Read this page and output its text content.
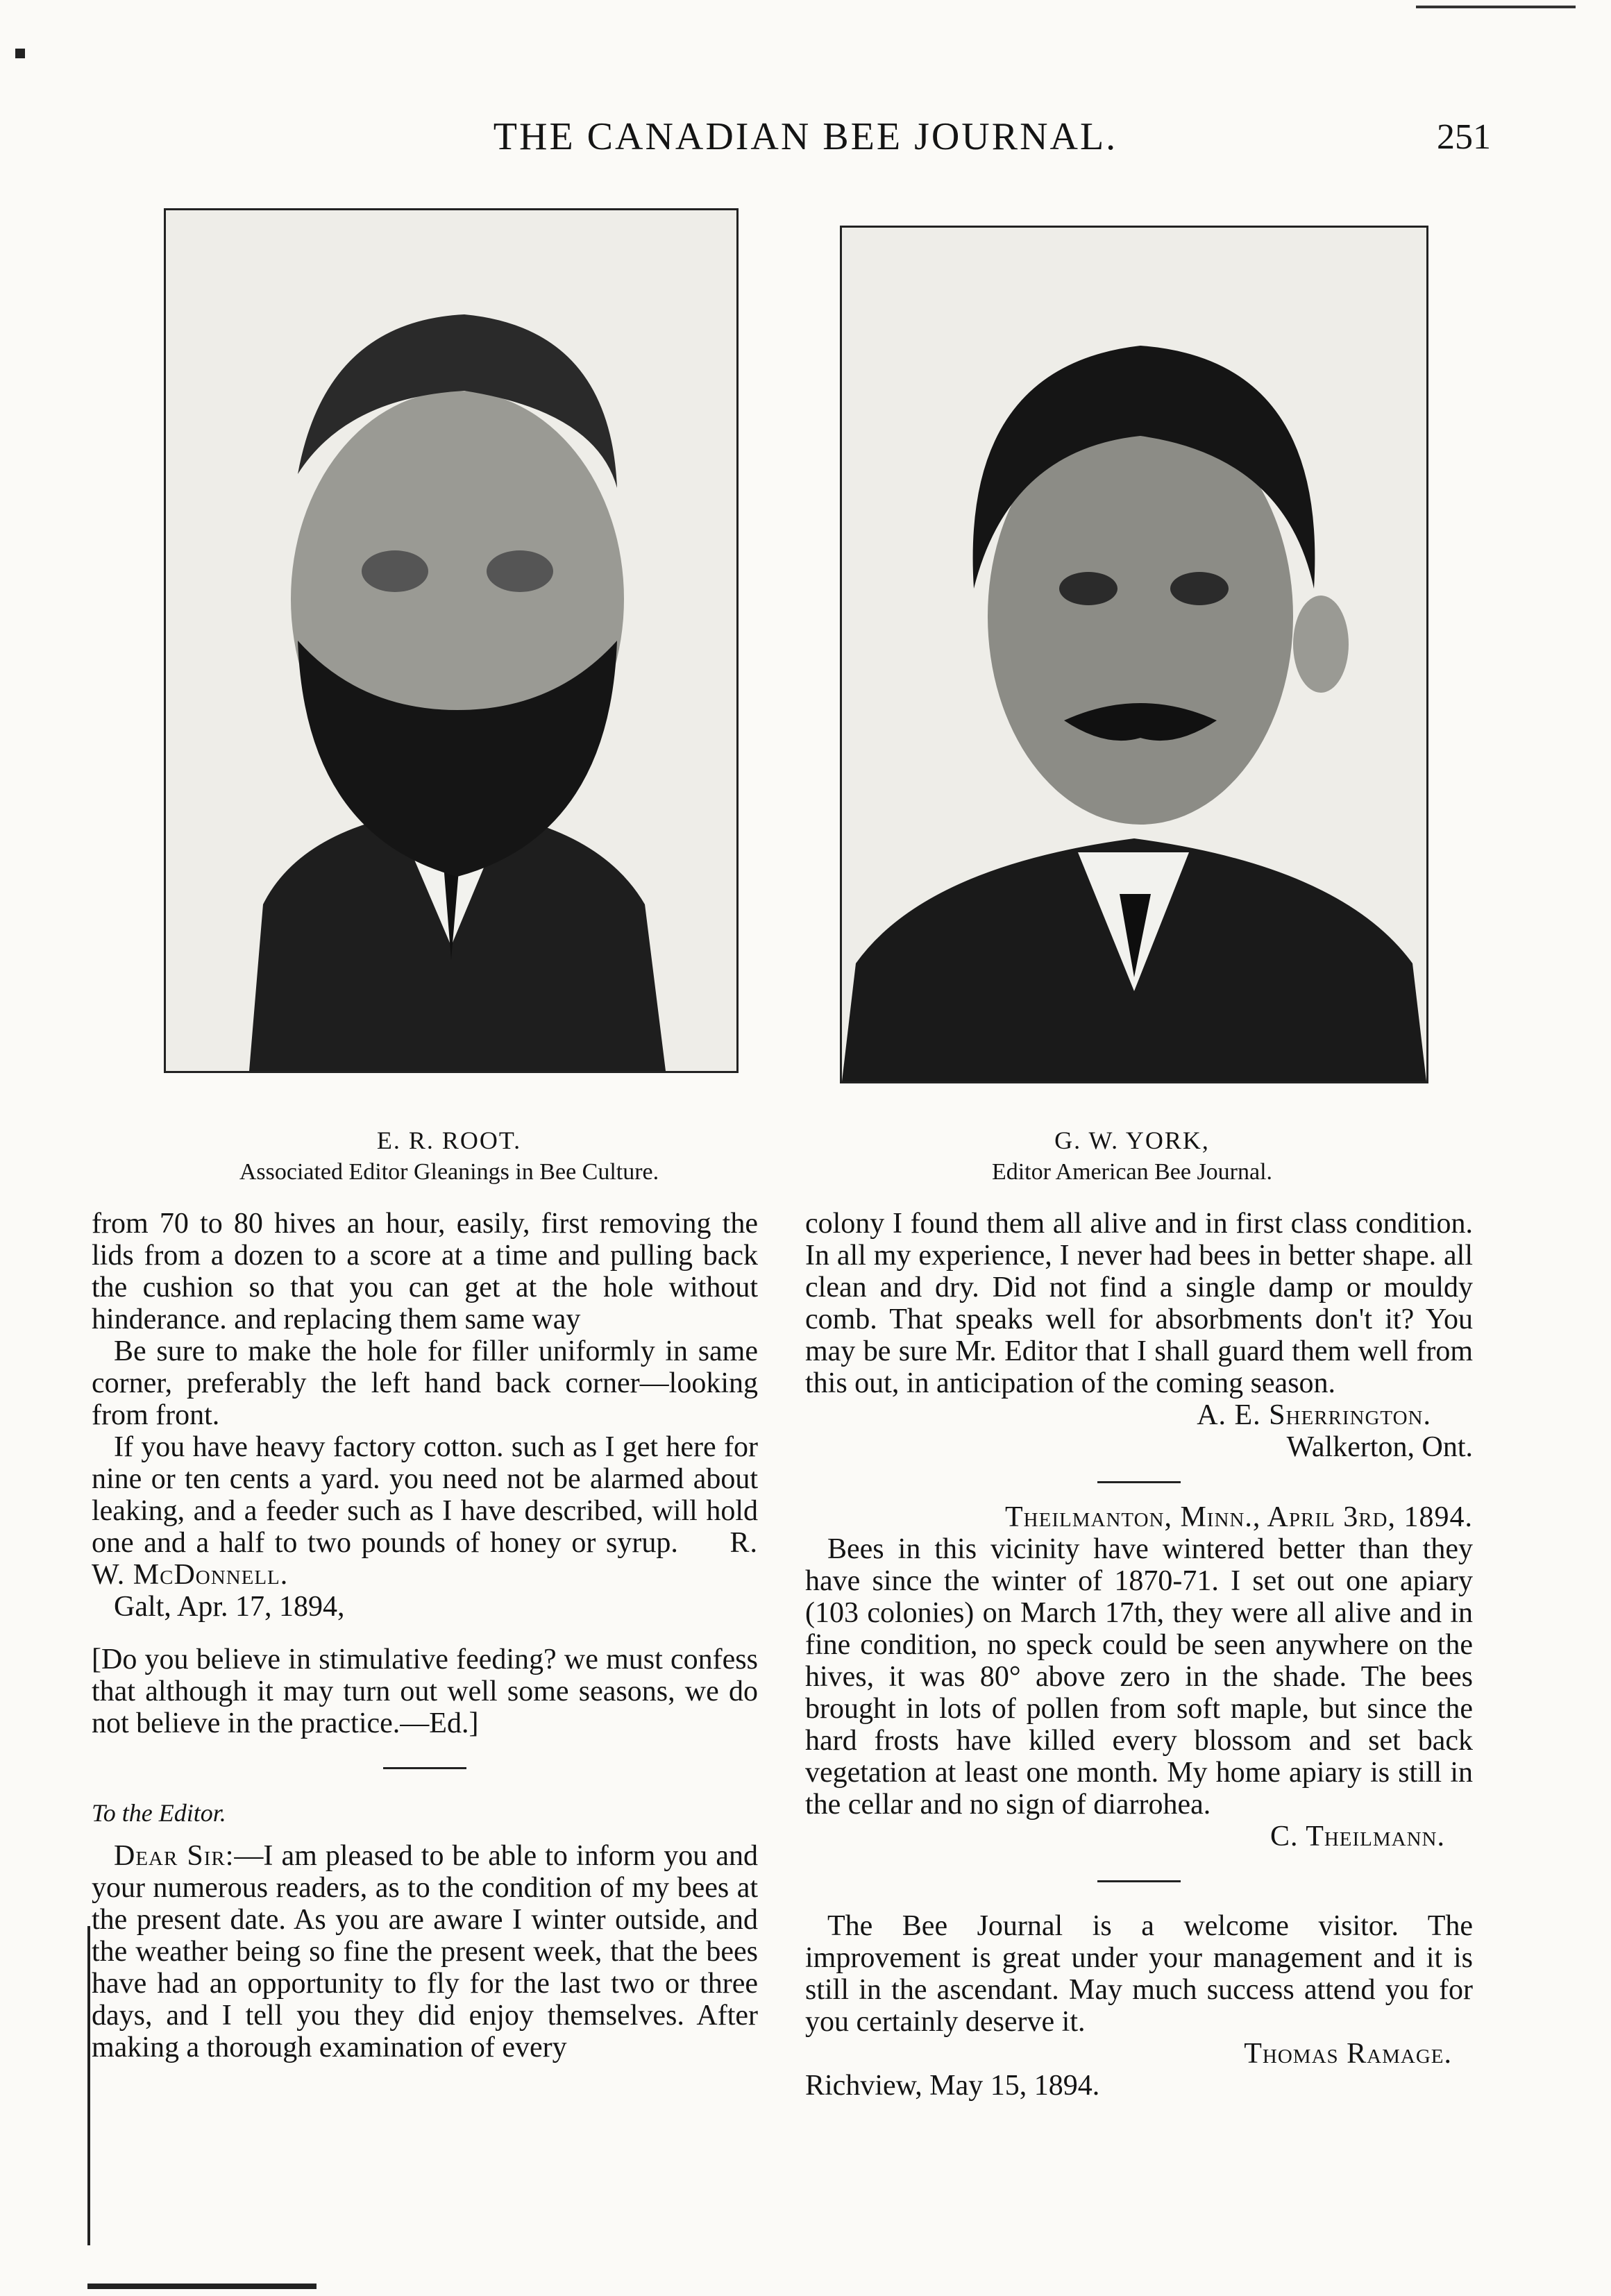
THE CANADIAN BEE JOURNAL.	251
E. R. ROOT.
Associated Editor Gleanings in Bee Culture.
G. W. YORK,
Editor American Bee Journal.

from 70 to 80 hives an hour, easily, first removing the lids from a dozen to a score at a time and pulling back the cushion so that you can get at the hole without hinderance. and replacing them same way

Be sure to make the hole for filler uniformly in same corner, preferably the left hand back corner—looking from front.

If you have heavy factory cotton. such as I get here for nine or ten cents a yard. you need not be alarmed about leaking, and a feeder such as I have described, will hold one and a half to two pounds of honey or syrup. R. W. McDonnell.

Galt, Apr. 17, 1894,

[Do you believe in stimulative feeding? we must confess that although it may turn out well some seasons, we do not believe in the practice.—Ed.]

To the Editor.

Dear Sir:—I am pleased to be able to inform you and your numerous readers, as to the condition of my bees at the present date. As you are aware I winter outside, and the weather being so fine the present week, that the bees have had an opportunity to fly for the last two or three days, and I tell you they did enjoy themselves. After making a thorough examination of every

colony I found them all alive and in first class condition. In all my experience, I never had bees in better shape. all clean and dry. Did not find a single damp or mouldy comb. That speaks well for absorbments don't it? You may be sure Mr. Editor that I shall guard them well from this out, in anticipation of the coming season.

A. E. Sherrington.

Walkerton, Ont.

Theilmanton, Minn., April 3rd, 1894.

Bees in this vicinity have wintered better than they have since the winter of 1870-71. I set out one apiary (103 colonies) on March 17th, they were all alive and in fine condition, no speck could be seen anywhere on the hives, it was 80° above zero in the shade. The bees brought in lots of pollen from soft maple, but since the hard frosts have killed every blossom and set back vegetation at least one month. My home apiary is still in the cellar and no sign of diarrohea.

C. Theilmann.

The Bee Journal is a welcome visitor. The improvement is great under your management and it is still in the ascendant. May much success attend you for you certainly deserve it.

Thomas Ramage.

Richview, May 15, 1894.
